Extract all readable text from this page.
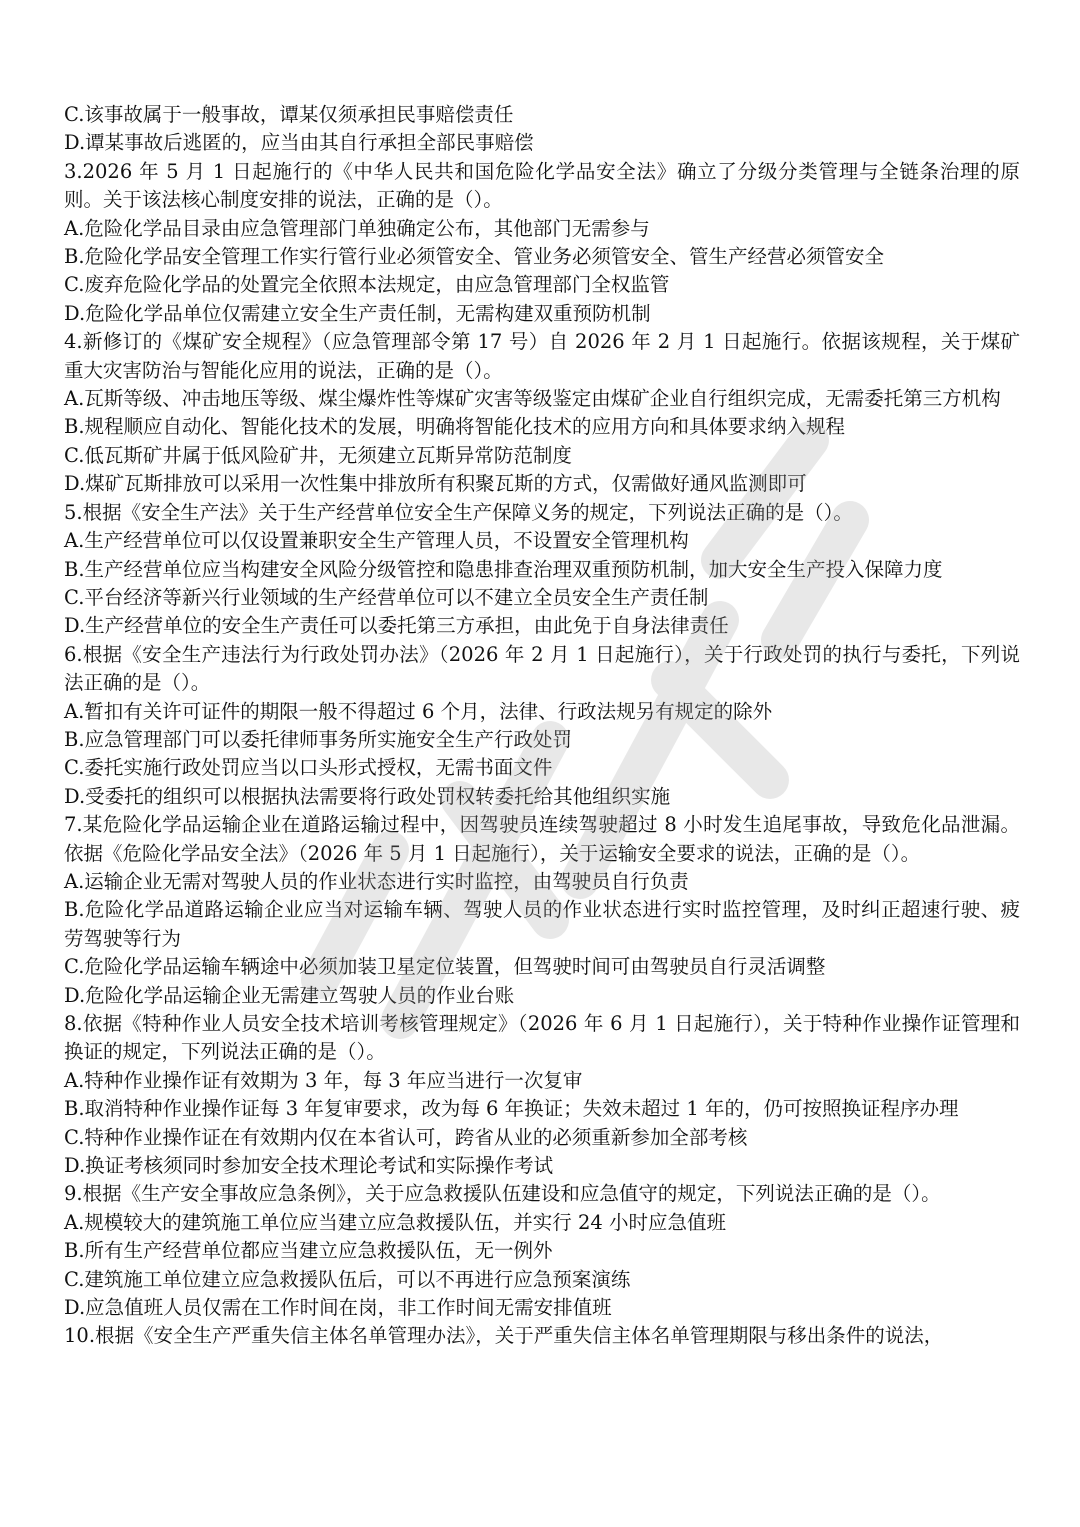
C.该事故属于一般事故，谭某仅须承担民事赔偿责任

D.谭某事故后逃匿的，应当由其自行承担全部民事赔偿

3.2026 年 5 月 1 日起施行的《中华人民共和国危险化学品安全法》确立了分级分类管理与全链条治理的原则。关于该法核心制度安排的说法，正确的是（）。

A.危险化学品目录由应急管理部门单独确定公布，其他部门无需参与

B.危险化学品安全管理工作实行管行业必须管安全、管业务必须管安全、管生产经营必须管安全

C.废弃危险化学品的处置完全依照本法规定，由应急管理部门全权监管

D.危险化学品单位仅需建立安全生产责任制，无需构建双重预防机制

4.新修订的《煤矿安全规程》（应急管理部令第 17 号）自 2026 年 2 月 1 日起施行。依据该规程，关于煤矿重大灾害防治与智能化应用的说法，正确的是（）。

A.瓦斯等级、冲击地压等级、煤尘爆炸性等煤矿灾害等级鉴定由煤矿企业自行组织完成，无需委托第三方机构

B.规程顺应自动化、智能化技术的发展，明确将智能化技术的应用方向和具体要求纳入规程

C.低瓦斯矿井属于低风险矿井，无须建立瓦斯异常防范制度

D.煤矿瓦斯排放可以采用一次性集中排放所有积聚瓦斯的方式，仅需做好通风监测即可

5.根据《安全生产法》关于生产经营单位安全生产保障义务的规定，下列说法正确的是（）。

A.生产经营单位可以仅设置兼职安全生产管理人员，不设置安全管理机构

B.生产经营单位应当构建安全风险分级管控和隐患排查治理双重预防机制，加大安全生产投入保障力度

C.平台经济等新兴行业领域的生产经营单位可以不建立全员安全生产责任制

D.生产经营单位的安全生产责任可以委托第三方承担，由此免于自身法律责任

6.根据《安全生产违法行为行政处罚办法》（2026 年 2 月 1 日起施行），关于行政处罚的执行与委托，下列说法正确的是（）。

A.暂扣有关许可证件的期限一般不得超过 6 个月，法律、行政法规另有规定的除外

B.应急管理部门可以委托律师事务所实施安全生产行政处罚

C.委托实施行政处罚应当以口头形式授权，无需书面文件

D.受委托的组织可以根据执法需要将行政处罚权转委托给其他组织实施

7.某危险化学品运输企业在道路运输过程中，因驾驶员连续驾驶超过 8 小时发生追尾事故，导致危化品泄漏。依据《危险化学品安全法》（2026 年 5 月 1 日起施行），关于运输安全要求的说法，正确的是（）。

A.运输企业无需对驾驶人员的作业状态进行实时监控，由驾驶员自行负责

B.危险化学品道路运输企业应当对运输车辆、驾驶人员的作业状态进行实时监控管理，及时纠正超速行驶、疲劳驾驶等行为

C.危险化学品运输车辆途中必须加装卫星定位装置，但驾驶时间可由驾驶员自行灵活调整

D.危险化学品运输企业无需建立驾驶人员的作业台账

8.依据《特种作业人员安全技术培训考核管理规定》（2026 年 6 月 1 日起施行），关于特种作业操作证管理和换证的规定，下列说法正确的是（）。

A.特种作业操作证有效期为 3 年，每 3 年应当进行一次复审

B.取消特种作业操作证每 3 年复审要求，改为每 6 年换证；失效未超过 1 年的，仍可按照换证程序办理

C.特种作业操作证在有效期内仅在本省认可，跨省从业的必须重新参加全部考核

D.换证考核须同时参加安全技术理论考试和实际操作考试

9.根据《生产安全事故应急条例》，关于应急救援队伍建设和应急值守的规定，下列说法正确的是（）。

A.规模较大的建筑施工单位应当建立应急救援队伍，并实行 24 小时应急值班

B.所有生产经营单位都应当建立应急救援队伍，无一例外

C.建筑施工单位建立应急救援队伍后，可以不再进行应急预案演练

D.应急值班人员仅需在工作时间在岗，非工作时间无需安排值班

10.根据《安全生产严重失信主体名单管理办法》，关于严重失信主体名单管理期限与移出条件的说法，
